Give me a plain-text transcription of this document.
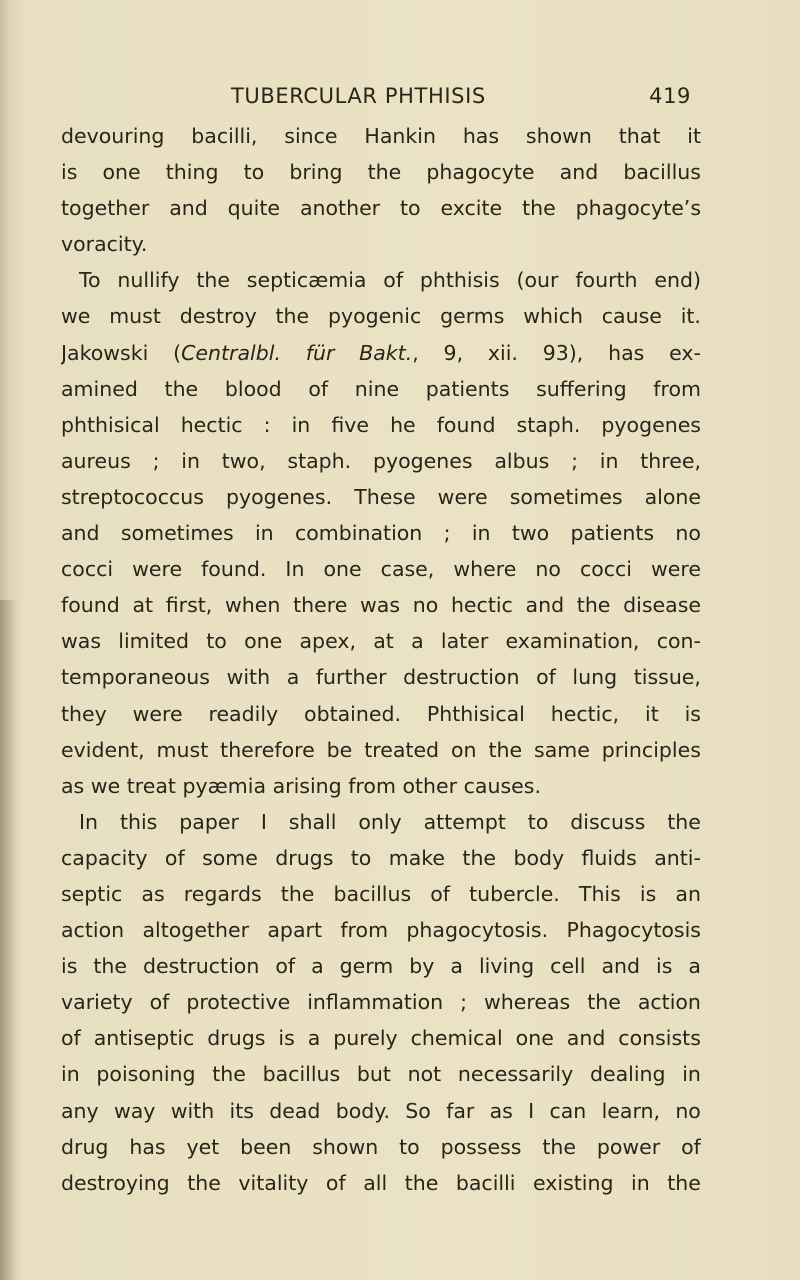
TUBERCULAR PHTHISIS	419
devouring bacilli, since Hankin has shown that it
is one thing to bring the phagocyte and bacillus
together and quite another to excite the phagocyte’s
voracity.
To nullify the septicæmia of phthisis (our fourth end)
we must destroy the pyogenic germs which cause it.
Jakowski (Centralbl. für Bakt., 9, xii. 93), has ex-
amined the blood of nine patients suffering from
phthisical hectic : in five he found staph. pyogenes
aureus ; in two, staph. pyogenes albus ; in three,
streptococcus pyogenes. These were sometimes alone
and sometimes in combination ; in two patients no
cocci were found. In one case, where no cocci were
found at first, when there was no hectic and the disease
was limited to one apex, at a later examination, con-
temporaneous with a further destruction of lung tissue,
they were readily obtained. Phthisical hectic, it is
evident, must therefore be treated on the same principles
as we treat pyæmia arising from other causes.
In this paper I shall only attempt to discuss the
capacity of some drugs to make the body fluids anti-
septic as regards the bacillus of tubercle. This is an
action altogether apart from phagocytosis. Phagocytosis
is the destruction of a germ by a living cell and is a
variety of protective inflammation ; whereas the action
of antiseptic drugs is a purely chemical one and consists
in poisoning the bacillus but not necessarily dealing in
any way with its dead body. So far as I can learn, no
drug has yet been shown to possess the power of
destroying the vitality of all the bacilli existing in the
